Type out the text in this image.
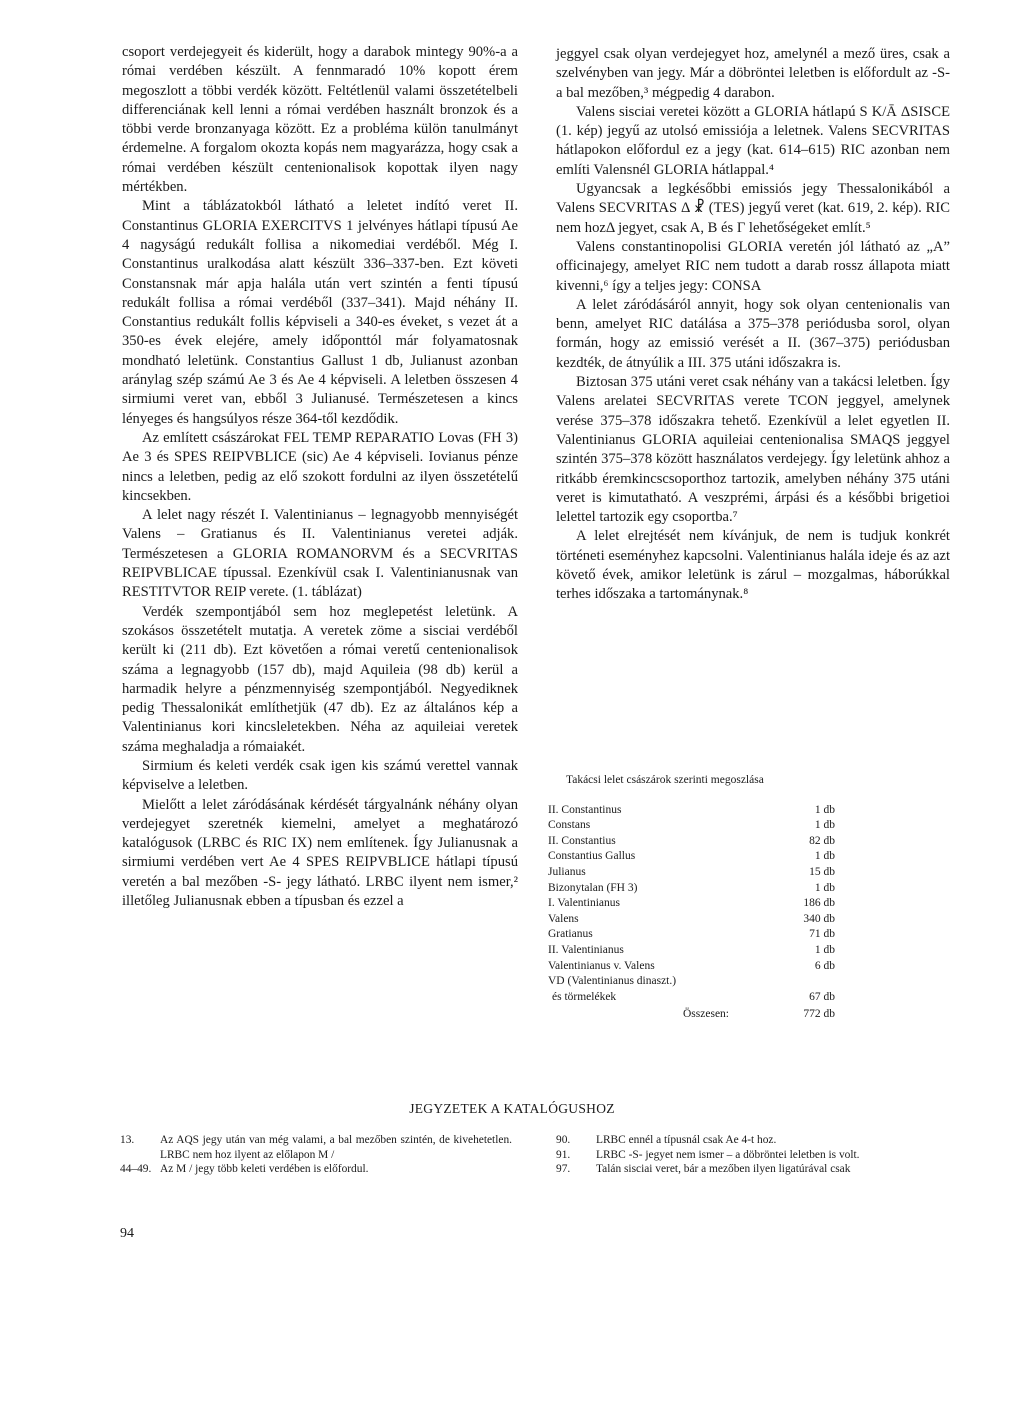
csoport verdejegyeit és kiderült, hogy a darabok mintegy 90%-a a római verdében készült. A fennmaradó 10% kopott érem megoszlott a többi verdék között. Feltétlenül valami összetételbeli differenciának kell lenni a római verdében használt bronzok és a többi verde bronzanyaga között. Ez a probléma külön tanulmányt érdemelne. A forgalom okozta kopás nem magyarázza, hogy csak a római verdében készült centenionalisok kopottak ilyen nagy mértékben.

Mint a táblázatokból látható a leletet indító veret II. Constantinus GLORIA EXERCITVS 1 jelvényes hátlapi típusú Ae 4 nagyságú redukált follisa a nikomediai verdéből. Még I. Constantinus uralkodása alatt készült 336–337-ben. Ezt követi Constansnak már apja halála után vert szintén a fenti típusú redukált follisa a római verdéből (337–341). Majd néhány II. Constantius redukált follis képviseli a 340-es éveket, s vezet át a 350-es évek elejére, amely időponttól már folyamatosnak mondható leletünk. Constantius Gallust 1 db, Julianust azonban aránylag szép számú Ae 3 és Ae 4 képviseli. A leletben összesen 4 sirmiumi veret van, ebből 3 Julianusé. Természetesen a kincs lényeges és hangsúlyos része 364-től kezdődik.

Az említett császárokat FEL TEMP REPARATIO Lovas (FH 3) Ae 3 és SPES REIPVBLICE (sic) Ae 4 képviseli. Iovianus pénze nincs a leletben, pedig az elő szokott fordulni az ilyen összetételű kincsekben.

A lelet nagy részét I. Valentinianus – legnagyobb mennyiségét Valens – Gratianus és II. Valentinianus veretei adják. Természetesen a GLORIA ROMANORVM és a SECVRITAS REIPVBLICAE típussal. Ezenkívül csak I. Valentinianusnak van RESTITVTOR REIP verete. (1. táblázat)

Verdék szempontjából sem hoz meglepetést leletünk. A szokásos összetételt mutatja. A veretek zöme a sisciai verdéből került ki (211 db). Ezt követően a római veretű centenionalisok száma a legnagyobb (157 db), majd Aquileia (98 db) kerül a harmadik helyre a pénzmennyiség szempontjából. Negyediknek pedig Thessalonikát említhetjük (47 db). Ez az általános kép a Valentinianus kori kincsleletekben. Néha az aquileiai veretek száma meghaladja a rómaiakét.

Sirmium és keleti verdék csak igen kis számú verettel vannak képviselve a leletben.

Mielőtt a lelet záródásának kérdését tárgyalnánk néhány olyan verdejegyet szeretnék kiemelni, amelyet a meghatározó katalógusok (LRBC és RIC IX) nem említenek. Így Julianusnak a sirmiumi verdében vert Ae 4 SPES REIPVBLICE hátlapi típusú veretén a bal mezőben -S- jegy látható. LRBC ilyent nem ismer,² illetőleg Julianusnak ebben a típusban és ezzel a

jeggyel csak olyan verdejegyet hoz, amelynél a mező üres, csak a szelvényben van jegy. Már a döbröntei leletben is előfordult az -S- a bal mezőben,³ mégpedig 4 darabon.

Valens sisciai veretei között a GLORIA hátlapú S K/Ā ΔSISCE (1. kép) jegyű az utolsó emissiója a leletnek. Valens SECVRITAS hátlapokon előfordul ez a jegy (kat. 614–615) RIC azonban nem említi Valensnél GLORIA hátlappal.⁴

Ugyancsak a legkésőbbi emissiós jegy Thessalonikából a Valens SECVRITAS Δ ☧ (TES) jegyű veret (kat. 619, 2. kép). RIC nem hozΔ jegyet, csak A, B és Γ lehetőségeket említ.⁵

Valens constantinopolisi GLORIA veretén jól látható az „A” officinajegy, amelyet RIC nem tudott a darab rossz állapota miatt kivenni,⁶ így a teljes jegy: CONSA

A lelet záródásáról annyit, hogy sok olyan centenionalis van benn, amelyet RIC datálása a 375–378 periódusba sorol, olyan formán, hogy az emissió verését a II. (367–375) periódusban kezdték, de átnyúlik a III. 375 utáni időszakra is.

Biztosan 375 utáni veret csak néhány van a takácsi leletben. Így Valens arelatei SECVRITAS verete TCON jeggyel, amelynek verése 375–378 időszakra tehető. Ezenkívül a lelet egyetlen II. Valentinianus GLORIA aquileiai centenionalisa SMAQS jeggyel szintén 375–378 között használatos verdejegy. Így leletünk ahhoz a ritkább éremkincscsoporthoz tartozik, amelyben néhány 375 utáni veret is kimutatható. A veszprémi, árpási és a későbbi brigetioi lelettel tartozik egy csoportba.⁷

A lelet elrejtését nem kívánjuk, de nem is tudjuk konkrét történeti eseményhez kapcsolni. Valentinianus halála ideje és az azt követő évek, amikor leletünk is zárul – mozgalmas, háborúkkal terhes időszaka a tartománynak.⁸

Takácsi lelet császárok szerinti megoszlása
II. Constantinus	1 db
Constans	1 db
II. Constantius	82 db
Constantius Gallus	1 db
Julianus	15 db
Bizonytalan (FH 3)	1 db
I. Valentinianus	186 db
Valens	340 db
Gratianus	71 db
II. Valentinianus	1 db
Valentinianus v. Valens	6 db
VD (Valentinianus dinaszt.)
és törmelékek	67 db
Összesen:	772 db
JEGYZETEK A KATALÓGUSHOZ
13. Az AQS jegy után van még valami, a bal mezőben szintén, de kivehetetlen. LRBC nem hoz ilyent az előlapon M /
44–49. Az M / jegy több keleti verdében is előfordul.
90. LRBC ennél a típusnál csak Ae 4-t hoz.
91. LRBC -S- jegyet nem ismer – a döbröntei leletben is volt.
97. Talán sisciai veret, bár a mezőben ilyen ligatúrával csak
94
